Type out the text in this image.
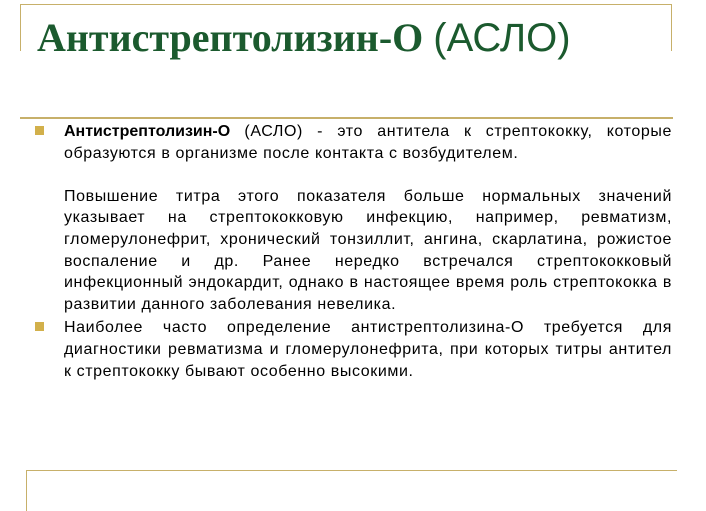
Антистрептолизин-О (АСЛО)

Антистрептолизин-О (АСЛО) - это антитела к стрептококку, которые образуются в организме после контакта с возбудителем.

Повышение титра этого показателя больше нормальных значений указывает на стрептококковую инфекцию, например, ревматизм, гломерулонефрит, хронический тонзиллит, ангина, скарлатина, рожистое воспаление и др. Ранее нередко встречался стрептококковый инфекционный эндокардит, однако в настоящее время роль стрептококка в развитии данного заболевания невелика.

Наиболее часто определение антистрептолизина-О требуется для диагностики ревматизма и гломерулонефрита, при которых титры антител к стрептококку бывают особенно высокими.
